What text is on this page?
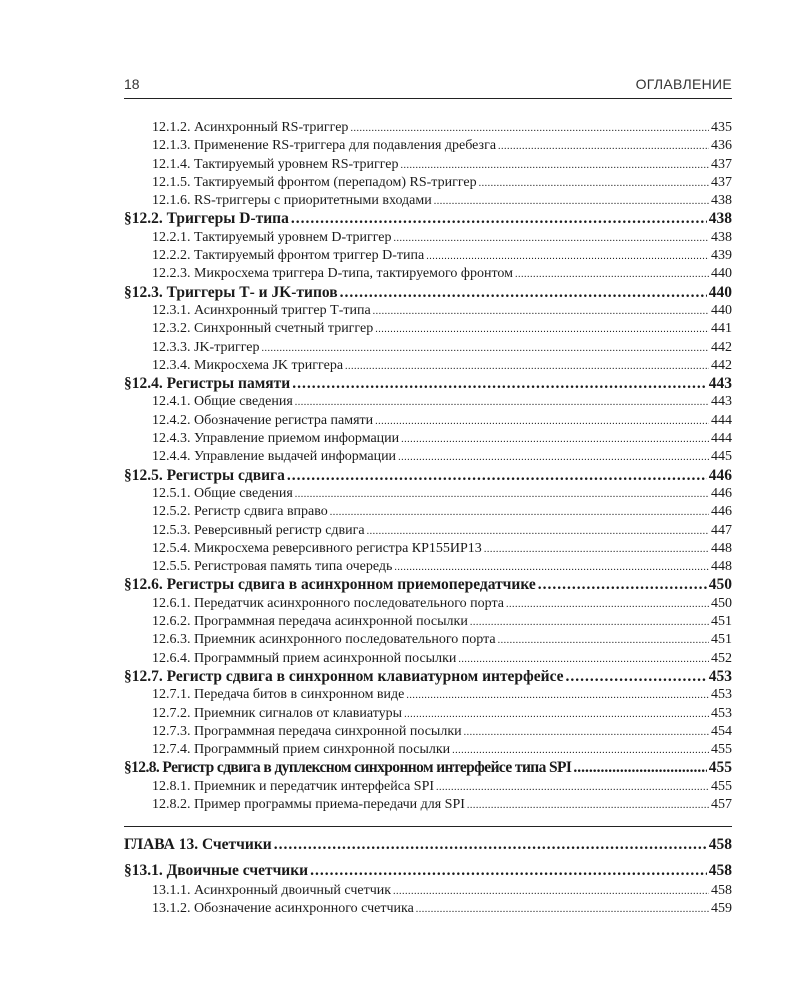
18	ОГЛАВЛЕНИЕ
12.1.2. Асинхронный RS-триггер .....	435
12.1.3. Применение RS-триггера для подавления дребезга .....	436
12.1.4. Тактируемый уровнем RS-триггер .....	437
12.1.5. Тактируемый фронтом (перепадом) RS-триггер .....	437
12.1.6. RS-триггеры с приоритетными входами .....	438
§12.2. Триггеры D-типа .....	438
12.2.1. Тактируемый уровнем D-триггер .....	438
12.2.2. Тактируемый фронтом триггер D-типа .....	439
12.2.3. Микросхема триггера D-типа, тактируемого фронтом .....	440
§12.3. Триггеры Т- и JK-типов .....	440
12.3.1. Асинхронный триггер Т-типа .....	440
12.3.2. Синхронный счетный триггер .....	441
12.3.3. JK-триггер .....	442
12.3.4. Микросхема JK триггера .....	442
§12.4. Регистры памяти .....	443
12.4.1. Общие сведения .....	443
12.4.2. Обозначение регистра памяти .....	444
12.4.3. Управление приемом информации .....	444
12.4.4. Управление выдачей информации .....	445
§12.5. Регистры сдвига .....	446
12.5.1. Общие сведения .....	446
12.5.2. Регистр сдвига вправо .....	446
12.5.3. Реверсивный регистр сдвига .....	447
12.5.4. Микросхема реверсивного регистра КР155ИР13 .....	448
12.5.5. Регистровая память типа очередь .....	448
§12.6. Регистры сдвига в асинхронном приемопередатчике .....	450
12.6.1. Передатчик асинхронного последовательного порта .....	450
12.6.2. Программная передача асинхронной посылки .....	451
12.6.3. Приемник асинхронного последовательного порта .....	451
12.6.4. Программный прием асинхронной посылки .....	452
§12.7. Регистр сдвига в синхронном клавиатурном интерфейсе .....	453
12.7.1. Передача битов в синхронном виде .....	453
12.7.2. Приемник сигналов от клавиатуры .....	453
12.7.3. Программная передача синхронной посылки .....	454
12.7.4. Программный прием синхронной посылки .....	455
§12.8. Регистр сдвига в дуплексном синхронном интерфейсе типа SPI .....	455
12.8.1. Приемник и передатчик интерфейса SPI .....	455
12.8.2. Пример программы приема-передачи для SPI .....	457
ГЛАВА 13. Счетчики .....	458
§13.1. Двоичные счетчики .....	458
13.1.1. Асинхронный двоичный счетчик .....	458
13.1.2. Обозначение асинхронного счетчика .....	459
